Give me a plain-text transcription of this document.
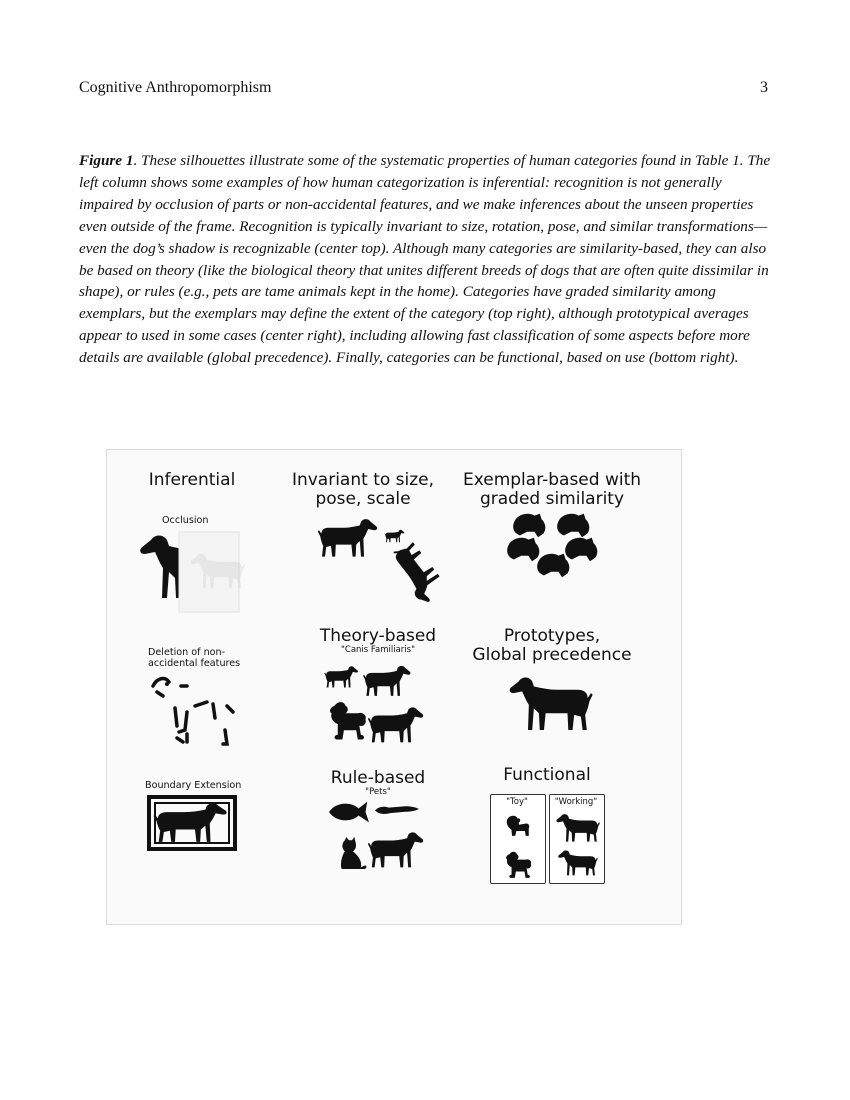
Cognitive Anthropomorphism	3
Figure 1. These silhouettes illustrate some of the systematic properties of human categories found in Table 1. The left column shows some examples of how human categorization is inferential: recognition is not generally impaired by occlusion of parts or non-accidental features, and we make inferences about the unseen properties even outside of the frame. Recognition is typically invariant to size, rotation, pose, and similar transformations—even the dog’s shadow is recognizable (center top). Although many categories are similarity-based, they can also be based on theory (like the biological theory that unites different breeds of dogs that are often quite dissimilar in shape), or rules (e.g., pets are tame animals kept in the home). Categories have graded similarity among exemplars, but the exemplars may define the extent of the category (top right), although prototypical averages appear to used in some cases (center right), including allowing fast classification of some aspects before more details are available (global precedence). Finally, categories can be functional, based on use (bottom right).
Inferential
Occlusion
Deletion of non-
accidental features
Boundary Extension
Invariant to size,
pose, scale
Theory-based
"Canis Familiaris"
Rule-based
"Pets"
Exemplar-based with
graded similarity
Prototypes,
Global precedence
Functional
"Toy"	"Working"
